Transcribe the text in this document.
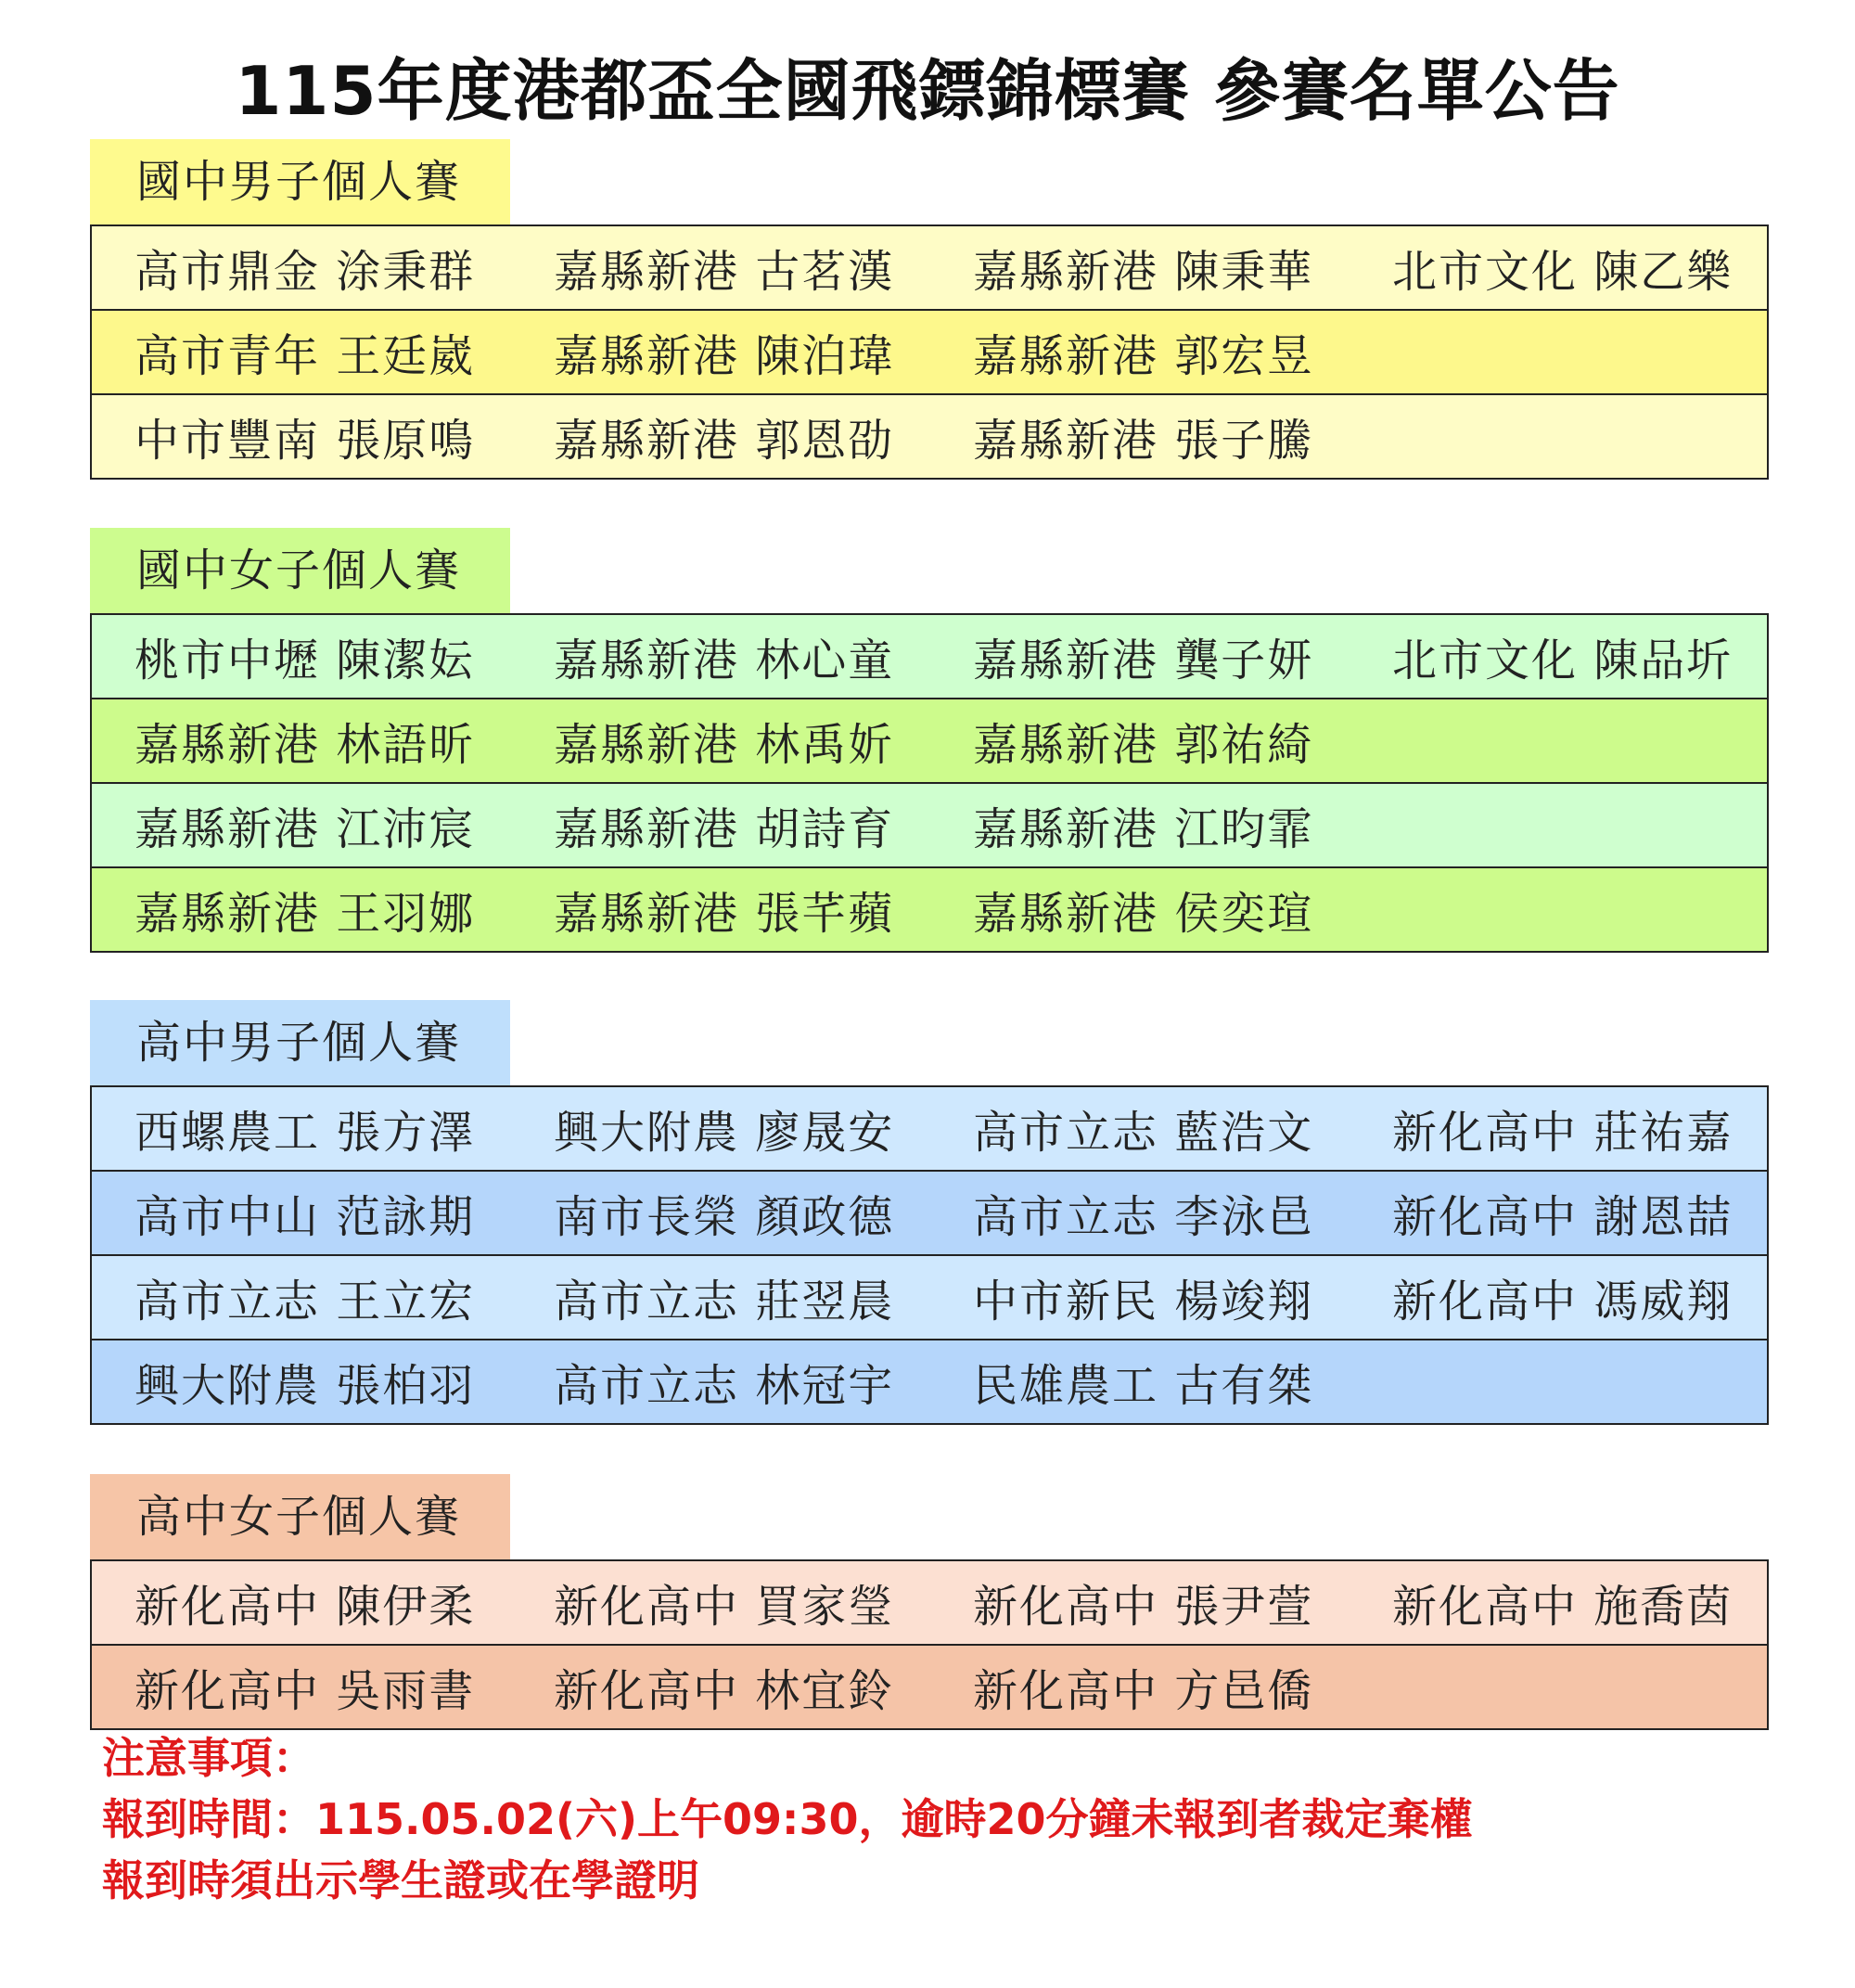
115年度港都盃全國飛鏢錦標賽 參賽名單公告
國中男子個人賽
高市鼎金 涂秉群	嘉縣新港 古茗漢	嘉縣新港 陳秉華	北市文化 陳乙樂
高市青年 王廷崴	嘉縣新港 陳泊瑋	嘉縣新港 郭宏昱
中市豐南 張原鳴	嘉縣新港 郭恩劭	嘉縣新港 張子騰
國中女子個人賽
桃市中壢 陳潔妘	嘉縣新港 林心童	嘉縣新港 龔子妍	北市文化 陳品圻
嘉縣新港 林語昕	嘉縣新港 林禹妡	嘉縣新港 郭祐綺
嘉縣新港 江沛宸	嘉縣新港 胡詩育	嘉縣新港 江昀霏
嘉縣新港 王羽娜	嘉縣新港 張芊蘋	嘉縣新港 侯奕瑄
高中男子個人賽
西螺農工 張方澤	興大附農 廖晟安	高市立志 藍浩文	新化高中 莊祐嘉
高市中山 范詠期	南市長榮 顏政德	高市立志 李泳邑	新化高中 謝恩喆
高市立志 王立宏	高市立志 莊翌晨	中市新民 楊竣翔	新化高中 馮威翔
興大附農 張柏羽	高市立志 林冠宇	民雄農工 古有桀
高中女子個人賽
新化高中 陳伊柔	新化高中 買家瑩	新化高中 張尹萱	新化高中 施喬茵
新化高中 吳雨書	新化高中 林宜鈴	新化高中 方邑僑
注意事項：
報到時間：115.05.02(六)上午09:30，逾時20分鐘未報到者裁定棄權
報到時須出示學生證或在學證明
